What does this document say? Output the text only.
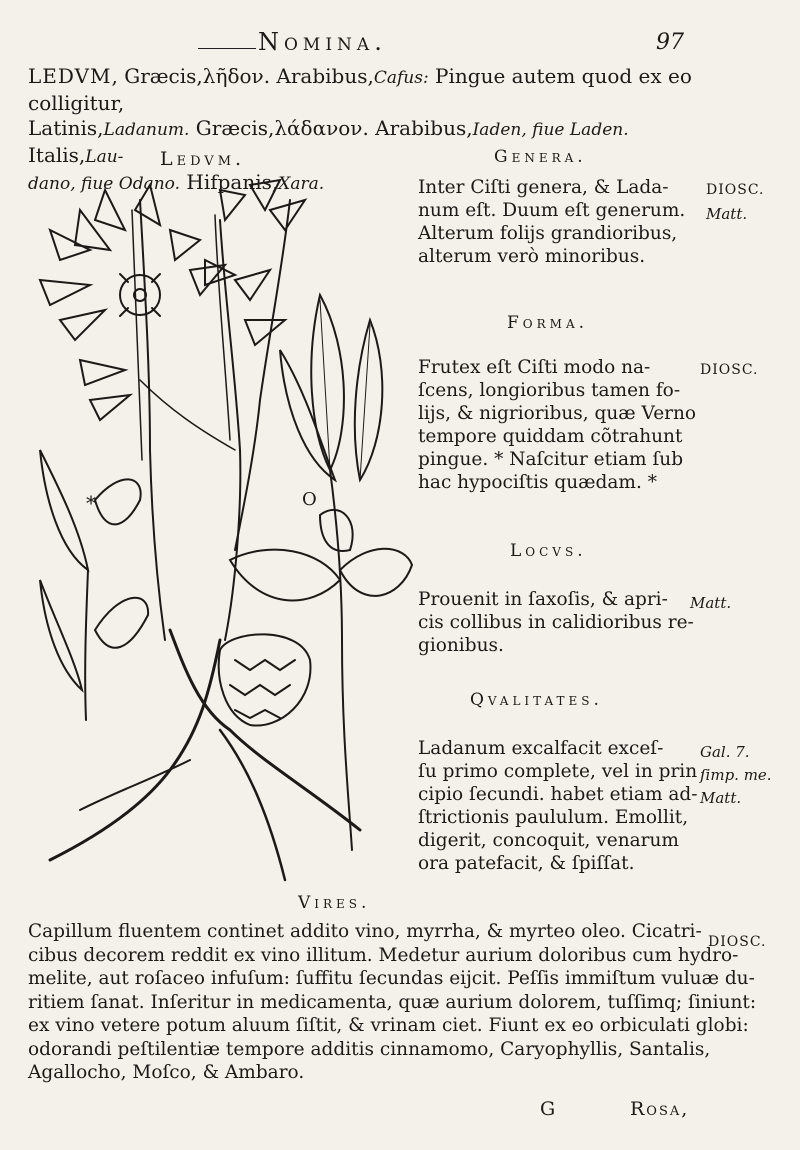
Nomina.	97

LEDVM, Græcis,λῆδον. Arabibus,Cafus: Pingue autem quod ex eo colligitur,
Latinis,Ladanum. Græcis,λάδανον. Arabibus,Iaden, fiue Laden. Italis,Lau-
dano, fiue Odano. Hifpanis,Xara.

Ledvm.
*	O
Genera.

Inter Ciſti genera, & Lada-
num eſt. Duum eſt generum.
Alterum folijs grandioribus,
alterum verò minoribus.

DIOSC.
Matt.
Forma.

Frutex eſt Ciſti modo na-
ſcens, longioribus tamen fo-
lijs, & nigrioribus, quæ Verno
tempore quiddam cõtrahunt
pingue. * Naſcitur etiam ſub
hac hypociſtis quædam. *

DIOSC.
Locvs.

Prouenit in ſaxoſis, & apri-
cis collibus in calidioribus re-
gionibus.

Matt.
Qvalitates.

Ladanum excalfacit exceſ-
ſu primo complete, vel in prin
cipio ſecundi. habet etiam ad-
ſtrictionis paululum. Emollit,
digerit, concoquit, venarum
ora patefacit, & ſpiſſat.

Gal. 7.
ſimp. me.
Matt.
Vires.

Capillum fluentem continet addito vino, myrrha, & myrteo oleo. Cicatri-
cibus decorem reddit ex vino illitum. Medetur aurium doloribus cum hydro-
melite, aut roſaceo infuſum: ſuffitu ſecundas eijcit. Peſſis immiſtum vuluæ du-
ritiem ſanat. Inſeritur in medicamenta, quæ aurium dolorem, tuſſimq; ſiniunt:
ex vino vetere potum aluum ſiſtit, & vrinam ciet. Fiunt ex eo orbiculati globi:
odorandi peſtilentiæ tempore additis cinnamomo, Caryophyllis, Santalis,
Agallocho, Moſco, & Ambaro.

DIOSC.
G	Rosa,
